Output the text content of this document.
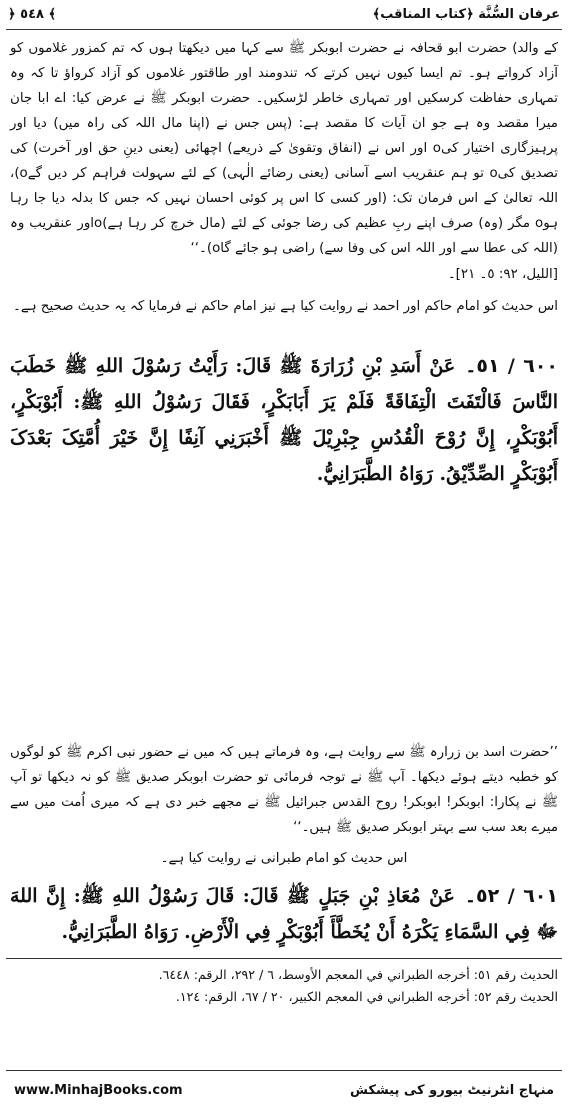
﴿ ٥٤٨ ﴾	عرفان السُّنَّة ﴿كتاب المناقب﴾
کے والد) حضرت ابو قحافہ نے حضرت ابوبکر ﷺ سے کہا میں دیکھتا ہوں کہ تم کمزور غلاموں کو آزاد کرواتے ہو۔ تم ایسا کیوں نہیں کرتے کہ تندومند اور طاقتور غلاموں کو آزاد کرواؤ تا کہ وہ تمہاری حفاظت کرسکیں اور تمہاری خاطر لڑسکیں۔ حضرت ابوبکر ﷺ نے عرض کیا: اے ابا جان میرا مقصد وہ ہے جو ان آیات کا مقصد ہے: (پس جس نے (اپنا مال اللہ کی راہ میں) دیا اور پرہیزگاری اختیار کیo اور اس نے (انفاق وتقویٰ کے ذریعے) اچھائی (یعنی دینِ حق اور آخرت) کی تصدیق کیo تو ہم عنقریب اسے آسانی (یعنی رضائے الٰہی) کے لئے سہولت فراہم کر دیں گےo)، اللہ تعالیٰ کے اس فرمان تک: (اور کسی کا اس پر کوئی احسان نہیں کہ جس کا بدلہ دیا جا رہا ہوo مگر (وہ) صرف اپنے ربِ عظیم کی رضا جوئی کے لئے (مال خرچ کر رہا ہے)oاور عنقریب وہ (اللہ کی عطا سے اور اللہ اس کی وفا سے) راضی ہو جائے گاo)۔‘‘
[اللیل، ٩٢: ٥۔ ٢١]۔
اس حدیث کو امام حاکم اور احمد نے روایت کیا ہے نیز امام حاکم نے فرمایا کہ یہ حدیث صحیح ہے۔
٦٠٠ / ٥١۔عَنْ أَسَدِ بْنِ زُرَارَةَ ﷺ قَالَ: رَأَيْتُ رَسُوْلَ اللهِ ﷺ خَطَبَ النَّاسَ فَالْتَفَتَ الْتِفَاقَةً فَلَمْ يَرَ أَبَابَكْرٍ، فَقَالَ رَسُوْلُ اللهِ ﷺ: أَبُوْبَكْرٍ، أَبُوْبَكْرٍ، إِنَّ رُوْحَ الْقُدُسِ جِبْرِيْلَ ﷺ أَخْبَرَنِي آنِفًا إِنَّ خَيْرَ أُمَّتِکَ بَعْدَکَ أَبُوْبَكْرٍ الصِّدِّيْقُ. رَوَاهُ الطَّبَرَانِيُّ.
’’حضرت اسد بن زرارہ ﷺ سے روایت ہے، وہ فرماتے ہیں کہ میں نے حضور نبی اکرم ﷺ کو لوگوں کو خطبہ دیتے ہوئے دیکھا۔ آپ ﷺ نے توجہ فرمائی تو حضرت ابوبکر صدیق ﷺ کو نہ دیکھا تو آپ ﷺ نے پکارا: ابوبکر! ابوبکر! روح القدس جبرائیل ﷺ نے مجھے خبر دی ہے کہ میری اُمت میں سے میرے بعد سب سے بہتر ابوبکر صدیق ﷺ ہیں۔‘‘
اس حدیث کو امام طبرانی نے روایت کیا ہے۔
٦٠١ / ٥٢۔عَنْ مُعَاذِ بْنِ جَبَلٍ ﷺ قَالَ: قَالَ رَسُوْلُ اللهِ ﷺ: إِنَّ اللهَ ﷻ فِي السَّمَاءِ يَكْرَهُ أَنْ يُخَطَّأَ أَبُوْبَكْرٍ فِي الْأَرْضِ. رَوَاهُ الطَّبَرَانِيُّ.
الحديث رقم ٥١: أخرجه الطبراني في المعجم الأوسط، ٦ / ٢٩٢، الرقم: ٦٤٤٨.
الحديث رقم ٥٢: أخرجه الطبراني في المعجم الكبير، ٢٠ / ٦٧، الرقم: ١٢٤.
www.MinhajBooks.com	منہاج انٹرنیٹ بیورو کی پیشکش
